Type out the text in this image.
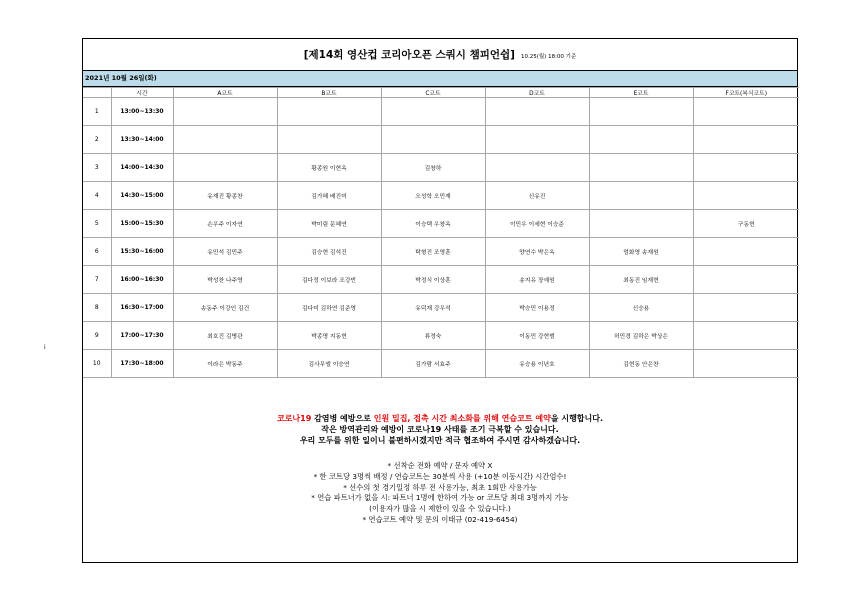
i
[제14회 영산컵 코리아오픈 스쿼시 챔피언쉽] 10.25(월) 18:00 기준
2021년 10월 26일(화)
	시간	A코트	B코트	C코트	D코트	E코트	F코트(복식코트)
1	13:00~13:30						
2	13:30~14:00						
3	14:00~14:30		황종원 이현옥	김창하			
4	14:30~15:00	유재진 황종찬	김가혜 배진미	오성학 오민재	신유진		
5	15:00~15:30	손우주 이자연	박미림 문혜연	이승택 우창옥	이민우 이세현 이승준		구동현
6	15:30~16:00	유민석 김민주	김승현 김석진	탁형진 조영훈	양연수 박은옥	엄화영 송재원	
7	16:00~16:30	박성찬 나주영	김다정 이보라 조강빈	박정식 이상훈	송지유 장예원	최동진 임재현	
8	16:30~17:00	송동주 이강인 김건	김다미 김하연 김준영	유덕재 강우석	박승민 이용정	신승용	
9	17:00~17:30	최호진 김병관	박종명 지동현	류정숙	이동민 강현범	허민경 김하은 박상은	
10	17:30~18:00	이라은 박동주	김사무엘 이승연	김가람 서효주	유승용 이년호	김현동 안은찬	
코로나19 감염병 예방으로 인원 밀집, 접촉 시간 최소화를 위해 연습코트 예약을 시행합니다.
작은 방역관리와 예방이 코로나19 사태를 조기 극복할 수 있습니다.
우리 모두를 위한 일이니 불편하시겠지만 적극 협조하여 주시면 감사하겠습니다.
* 선착순 전화 예약 / 문자 예약 X
* 한 코트당 3명씩 배정 / 연습코트는 30분씩 사용 (+10분 이동시간) 시간엄수!
* 선수의 첫 경기일정 하루 전 사용가능, 최초 1회만 사용가능
* 연습 파트너가 없을 시: 파트너 1명에 한하여 가능 or 코트당 최대 3명까지 가능
(이용자가 많을 시 제한이 있을 수 있습니다.)
* 연습코트 예약 및 문의 이태규 (02-419-6454)
